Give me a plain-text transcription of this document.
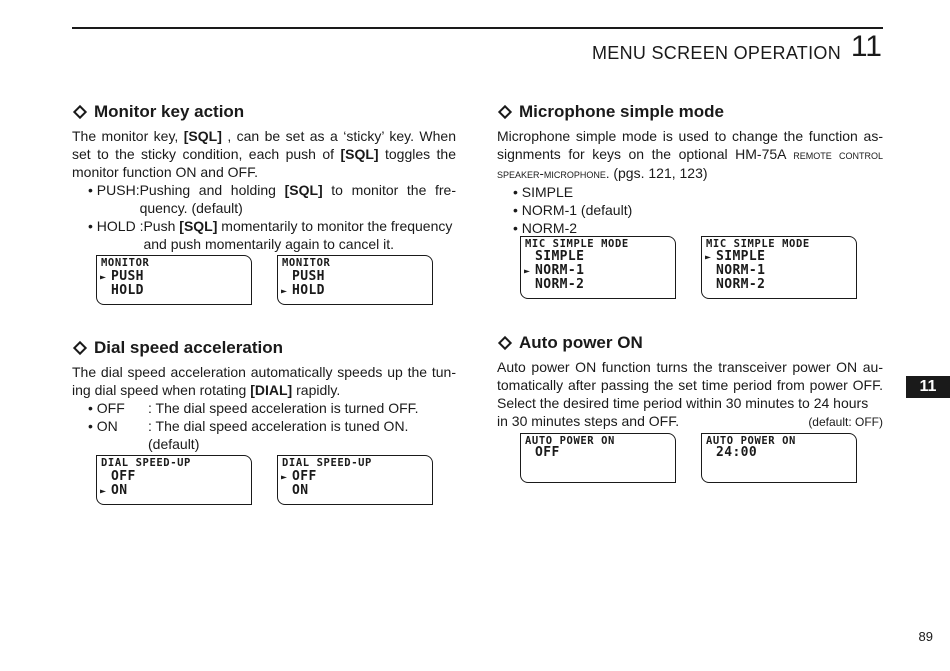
MENU SCREEN OPERATION 11
Monitor key action

The monitor key, [SQL] , can be set as a ‘sticky’ key. When set to the sticky condition, each push of [SQL] toggles the monitor function ON and OFF.

• PUSH: Pushing and holding [SQL] to monitor the fre-quency. (default)
• HOLD : Push [SQL] momentarily to monitor the frequency and push momentarily again to cancel it.
MONITOR
► PUSH
HOLD
MONITOR
PUSH
► HOLD
Dial speed acceleration

The dial speed acceleration automatically speeds up the tun-ing dial speed when rotating [DIAL] rapidly.

• OFF	: The dial speed acceleration is turned OFF.
• ON	: The dial speed acceleration is tuned ON.
(default)
DIAL SPEED-UP
OFF
► ON
DIAL SPEED-UP
► OFF
ON
Microphone simple mode

Microphone simple mode is used to change the function as-signments for keys on the optional HM-75A remote control speaker-microphone. (pgs. 121, 123)

• SIMPLE
• NORM-1 (default)
• NORM-2
MIC SIMPLE MODE
SIMPLE
► NORM-1
NORM-2
MIC SIMPLE MODE
► SIMPLE
NORM-1
NORM-2
Auto power ON

Auto power ON function turns the transceiver power ON au-tomatically after passing the set time period from power OFF. Select the desired time period within 30 minutes to 24 hours

in 30 minutes steps and OFF.	(default: OFF)
AUTO POWER ON
OFF
AUTO POWER ON
24:00
11
89
